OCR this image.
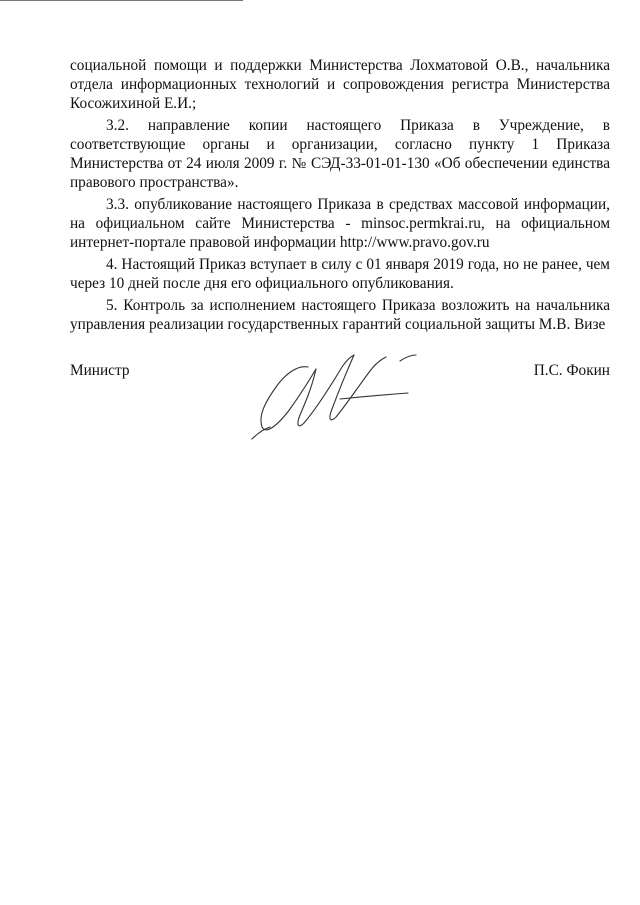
социальной помощи и поддержки Министерства Лохматовой О.В., начальника отдела информационных технологий и сопровождения регистра Министерства Косожихиной Е.И.;

3.2. направление копии настоящего Приказа в Учреждение, в соответствующие органы и организации, согласно пункту 1 Приказа Министерства от 24 июля 2009 г. № СЭД-33-01-01-130 «Об обеспечении единства правового пространства».

3.3. опубликование настоящего Приказа в средствах массовой информации, на официальном сайте Министерства - minsoc.permkrai.ru, на официальном интернет-портале правовой информации http://www.pravo.gov.ru

4. Настоящий Приказ вступает в силу с 01 января 2019 года, но не ранее, чем через 10 дней после дня его официального опубликования.

5. Контроль за исполнением настоящего Приказа возложить на начальника управления реализации государственных гарантий социальной защиты М.В. Визе

Министр	П.С. Фокин
